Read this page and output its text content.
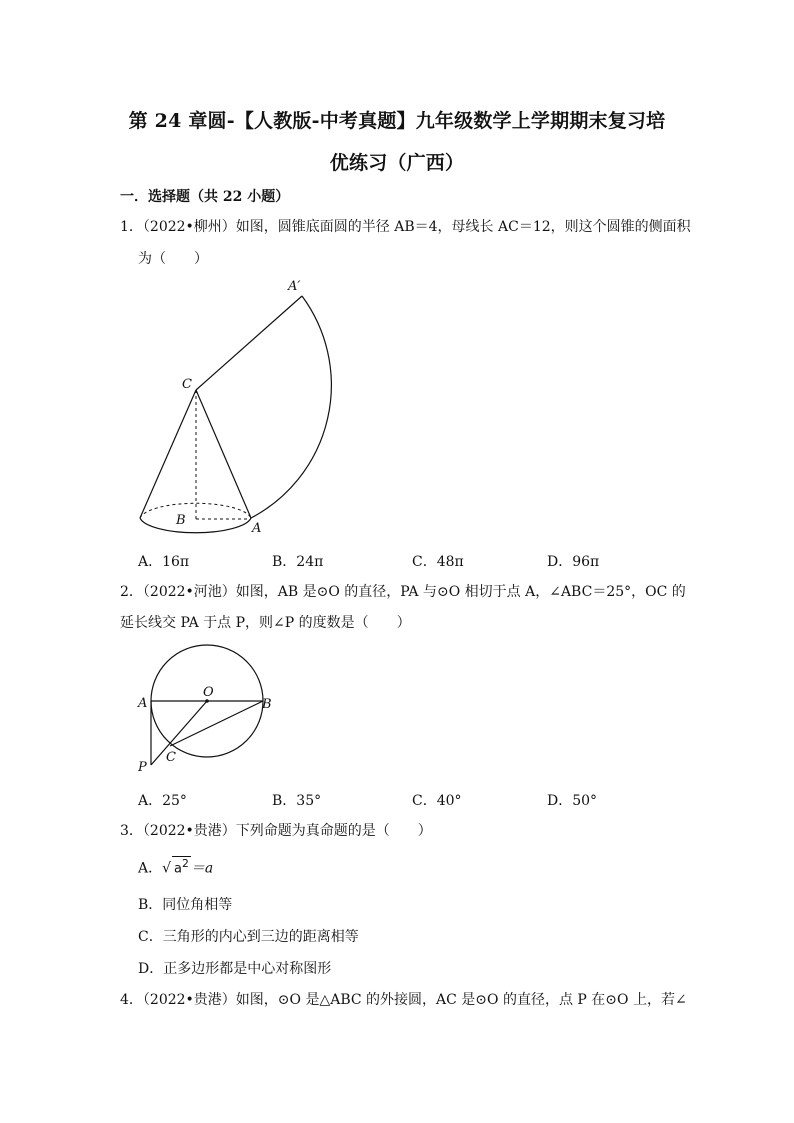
第 24 章圆-【人教版-中考真题】九年级数学上学期期末复习培
优练习（广西）
一．选择题（共 22 小题）
1．（2022•柳州）如图，圆锥底面圆的半径 AB＝4，母线长 AC＝12，则这个圆锥的侧面积
为（　　）
A′
C
B
A
A．16π	B．24π	C．48π	D．96π
2．（2022•河池）如图，AB 是⊙O 的直径，PA 与⊙O 相切于点 A，∠ABC＝25°，OC 的
延长线交 PA 于点 P，则∠P 的度数是（　　）
O
A	B
C
P
A．25°	B．35°	C．40°	D．50°
3．（2022•贵港）下列命题为真命题的是（　　）
A．√ $a^2 =a$
B．同位角相等
C．三角形的内心到三边的距离相等
D．正多边形都是中心对称图形
4．（2022•贵港）如图，⊙O 是△ABC 的外接圆，AC 是⊙O 的直径，点 P 在⊙O 上，若∠
